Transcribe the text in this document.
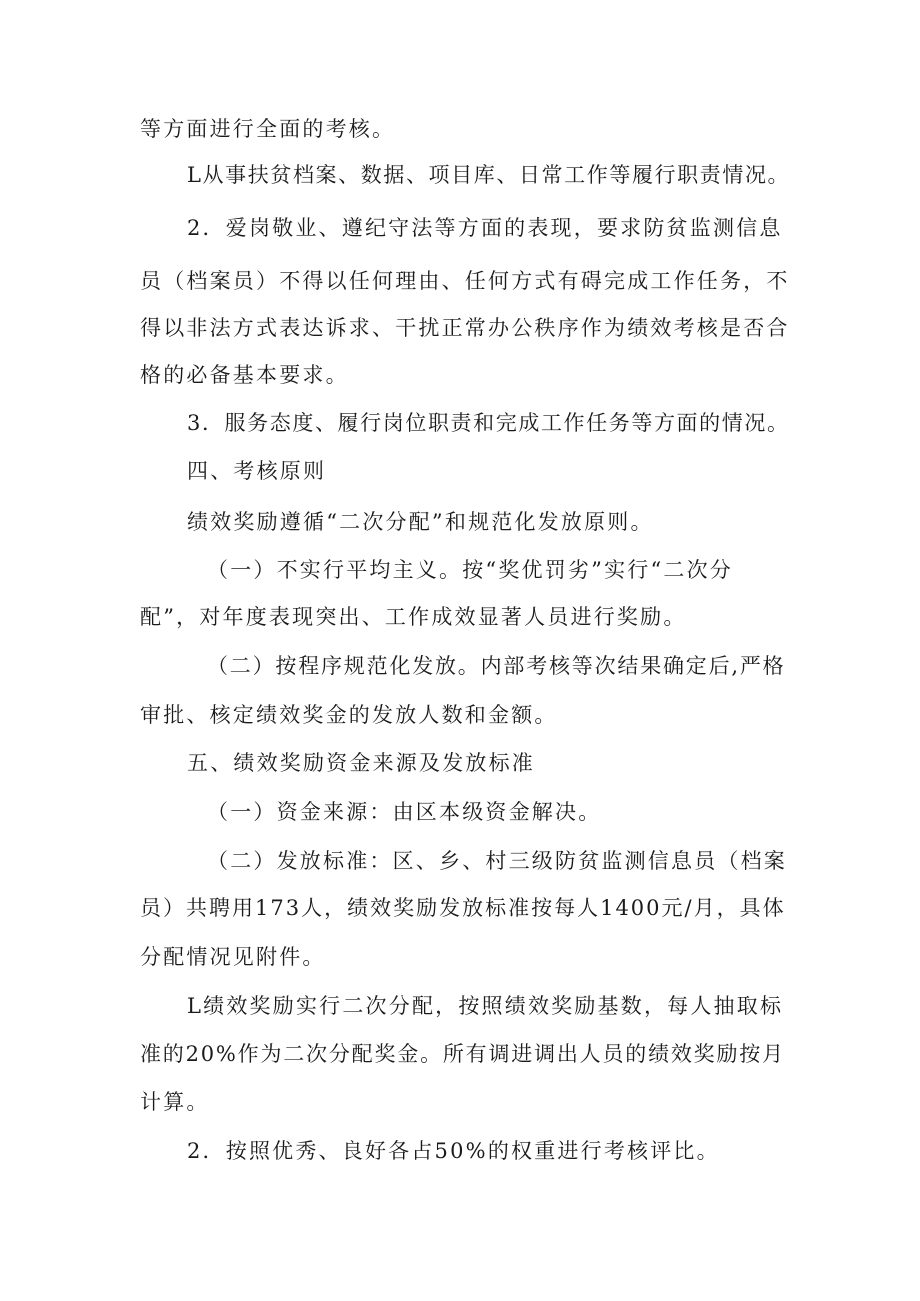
等方面进行全面的考核。

L从事扶贫档案、数据、项目库、日常工作等履行职责情况。

2．爱岗敬业、遵纪守法等方面的表现，要求防贫监测信息

员（档案员）不得以任何理由、任何方式有碍完成工作任务，不

得以非法方式表达诉求、干扰正常办公秩序作为绩效考核是否合

格的必备基本要求。

3．服务态度、履行岗位职责和完成工作任务等方面的情况。

四、考核原则

绩效奖励遵循“二次分配”和规范化发放原则。

（一）不实行平均主义。按“奖优罚劣”实行“二次分

配”，对年度表现突出、工作成效显著人员进行奖励。

（二）按程序规范化发放。内部考核等次结果确定后,严格

审批、核定绩效奖金的发放人数和金额。

五、绩效奖励资金来源及发放标准

（一）资金来源：由区本级资金解决。

（二）发放标准：区、乡、村三级防贫监测信息员（档案

员）共聘用173人，绩效奖励发放标准按每人1400元/月，具体

分配情况见附件。

L绩效奖励实行二次分配，按照绩效奖励基数，每人抽取标

准的20%作为二次分配奖金。所有调进调出人员的绩效奖励按月

计算。

2．按照优秀、良好各占50%的权重进行考核评比。
